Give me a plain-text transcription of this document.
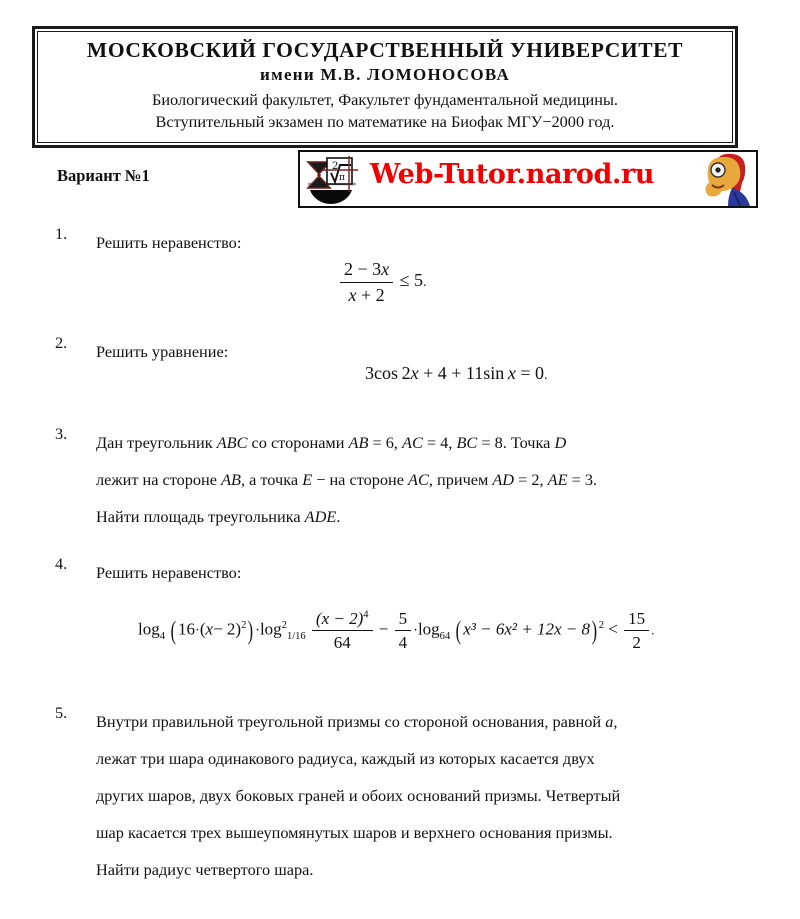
МОСКОВСКИЙ ГОСУДАРСТВЕННЫЙ УНИВЕРСИТЕТ
имени М.В. ЛОМОНОСОВА
Биологический факультет, Факультет фундаментальной медицины.
Вступительный экзамен по математике на Биофак МГУ−2000 год.
Вариант №1	2
π Web-Tutor.narod.ru
1.	Решить неравенство:
$\frac{2 - 3x}{x + 2} \le 5$.
2.	Решить уравнение:
3cos  2x + 4 + 11sin  x = 0.
3.	Дан треугольник ABC со сторонами AB = 6, AC = 4, BC = 8. Точка D
лежит на стороне AB, а точка E − на стороне AC, причем AD = 2, AE = 3.
Найти площадь треугольника ADE.
4.	Решить неравенство:
$\log_4 (16\cdot(x- 2)^2) \cdot\log^2_{1/16} \frac{(x - 2)^4}{64} - \frac{5}{4} \cdot\log_{64}$ (x³ − 6x² + 12x − 8) $^2 < \frac{15}{2}$ .
5.	Внутри правильной треугольной призмы со стороной основания, равной a,
лежат три шара одинакового радиуса, каждый из которых касается двух
других шаров, двух боковых граней и обоих оснований призмы. Четвертый
шар касается трех вышеупомянутых шаров и верхнего основания призмы.
Найти радиус четвертого шара.
